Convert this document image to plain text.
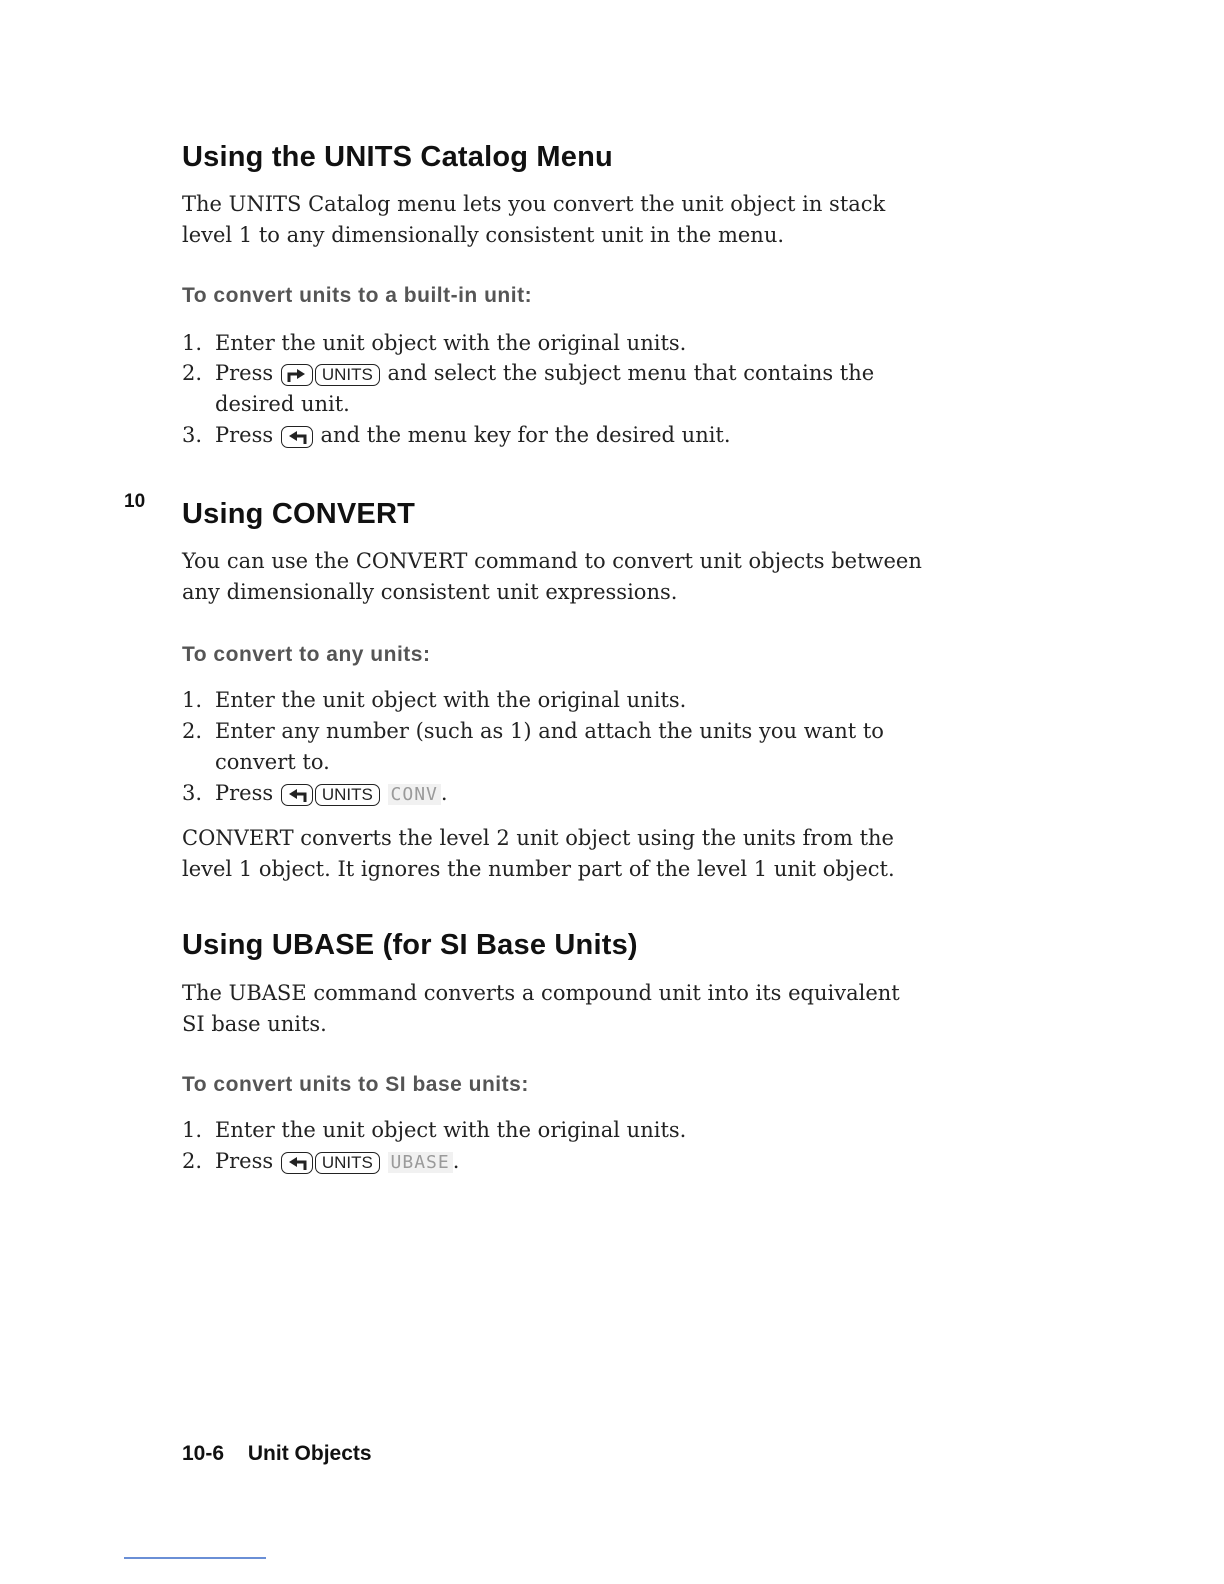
Using the UNITS Catalog Menu

The UNITS Catalog menu lets you convert the unit object in stack

level 1 to any dimensionally consistent unit in the menu.

To convert units to a built-in unit:

1. Enter the unit object with the original units.

2. Press	UNITS and select the subject menu that contains the

desired unit.

3. Press and the menu key for the desired unit.

10 Using CONVERT

You can use the CONVERT command to convert unit objects between

any dimensionally consistent unit expressions.

To convert to any units:

1. Enter the unit object with the original units.

2. Enter any number (such as 1) and attach the units you want to

convert to.

3. Press	UNITS CONV .

CONVERT converts the level 2 unit object using the units from the

level 1 object. It ignores the number part of the level 1 unit object.

Using UBASE (for SI Base Units)

The UBASE command converts a compound unit into its equivalent

SI base units.

To convert units to SI base units:

1. Enter the unit object with the original units.

2. Press	UNITS UBASE .

10-6 Unit Objects
